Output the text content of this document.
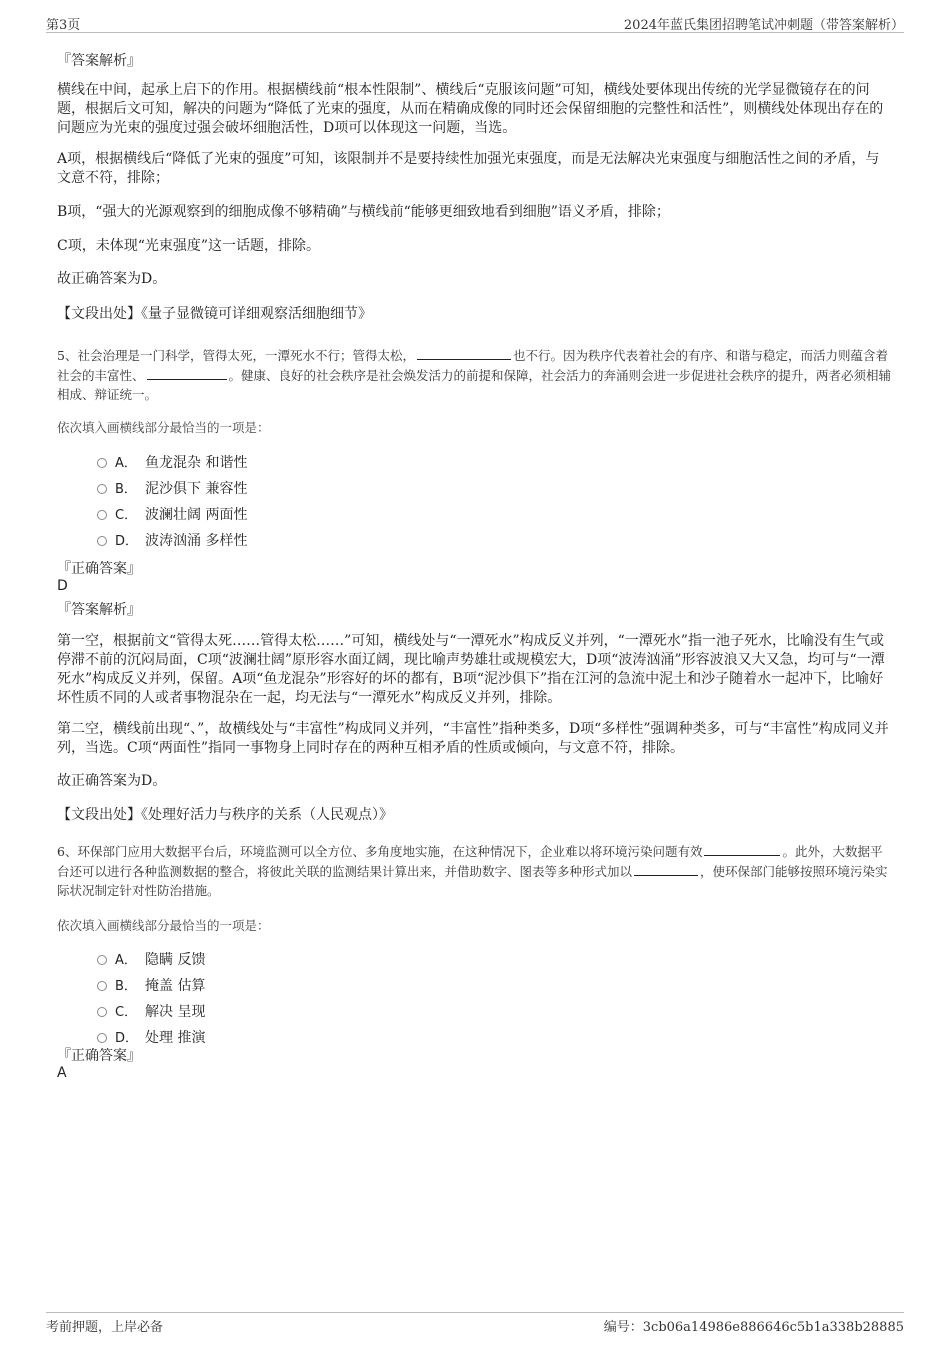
第3页	2024年蓝氏集团招聘笔试冲刺题（带答案解析）
『答案解析』

横线在中间，起承上启下的作用。根据横线前“根本性限制”、横线后“克服该问题”可知，横线处要体现出传统的光学显微镜存在的问题，根据后文可知，解决的问题为“降低了光束的强度，从而在精确成像的同时还会保留细胞的完整性和活性”，则横线处体现出存在的问题应为光束的强度过强会破坏细胞活性，D项可以体现这一问题，当选。

A项，根据横线后“降低了光束的强度”可知，该限制并不是要持续性加强光束强度，而是无法解决光束强度与细胞活性之间的矛盾，与文意不符，排除；

B项，“强大的光源观察到的细胞成像不够精确”与横线前“能够更细致地看到细胞”语义矛盾，排除；

C项，未体现“光束强度”这一话题，排除。

故正确答案为D。

【文段出处】《量子显微镜可详细观察活细胞细节》

5、社会治理是一门科学，管得太死，一潭死水不行；管得太松，	也不行。因为秩序代表着社会的有序、和谐与稳定，而活力则蕴含着社会的丰富性、	。健康、良好的社会秩序是社会焕发活力的前提和保障，社会活力的奔涌则会进一步促进社会秩序的提升，两者必须相辅相成、辩证统一。

依次填入画横线部分最恰当的一项是：

A． 鱼龙混杂 和谐性
B． 泥沙俱下 兼容性
C． 波澜壮阔 两面性
D． 波涛汹涌 多样性
『正确答案』
D
『答案解析』

第一空，根据前文“管得太死……管得太松……”可知，横线处与“一潭死水”构成反义并列，“一潭死水”指一池子死水，比喻没有生气或停滞不前的沉闷局面，C项“波澜壮阔”原形容水面辽阔，现比喻声势雄壮或规模宏大，D项“波涛汹涌”形容波浪又大又急，均可与“一潭死水”构成反义并列，保留。A项“鱼龙混杂”形容好的坏的都有，B项“泥沙俱下”指在江河的急流中泥土和沙子随着水一起冲下，比喻好坏性质不同的人或者事物混杂在一起，均无法与“一潭死水”构成反义并列，排除。

第二空，横线前出现“、”，故横线处与“丰富性”构成同义并列，“丰富性”指种类多，D项“多样性”强调种类多，可与“丰富性”构成同义并列，当选。C项“两面性”指同一事物身上同时存在的两种互相矛盾的性质或倾向，与文意不符，排除。

故正确答案为D。

【文段出处】《处理好活力与秩序的关系（人民观点）》

6、环保部门应用大数据平台后，环境监测可以全方位、多角度地实施，在这种情况下，企业难以将环境污染问题有效	。此外，大数据平台还可以进行各种监测数据的整合，将彼此关联的监测结果计算出来，并借助数字、图表等多种形式加以	，使环保部门能够按照环境污染实际状况制定针对性防治措施。

依次填入画横线部分最恰当的一项是：

A． 隐瞒 反馈
B． 掩盖 估算
C． 解决 呈现
D． 处理 推演
『正确答案』
A
考前押题，上岸必备	编号：3cb06a14986e886646c5b1a338b28885
